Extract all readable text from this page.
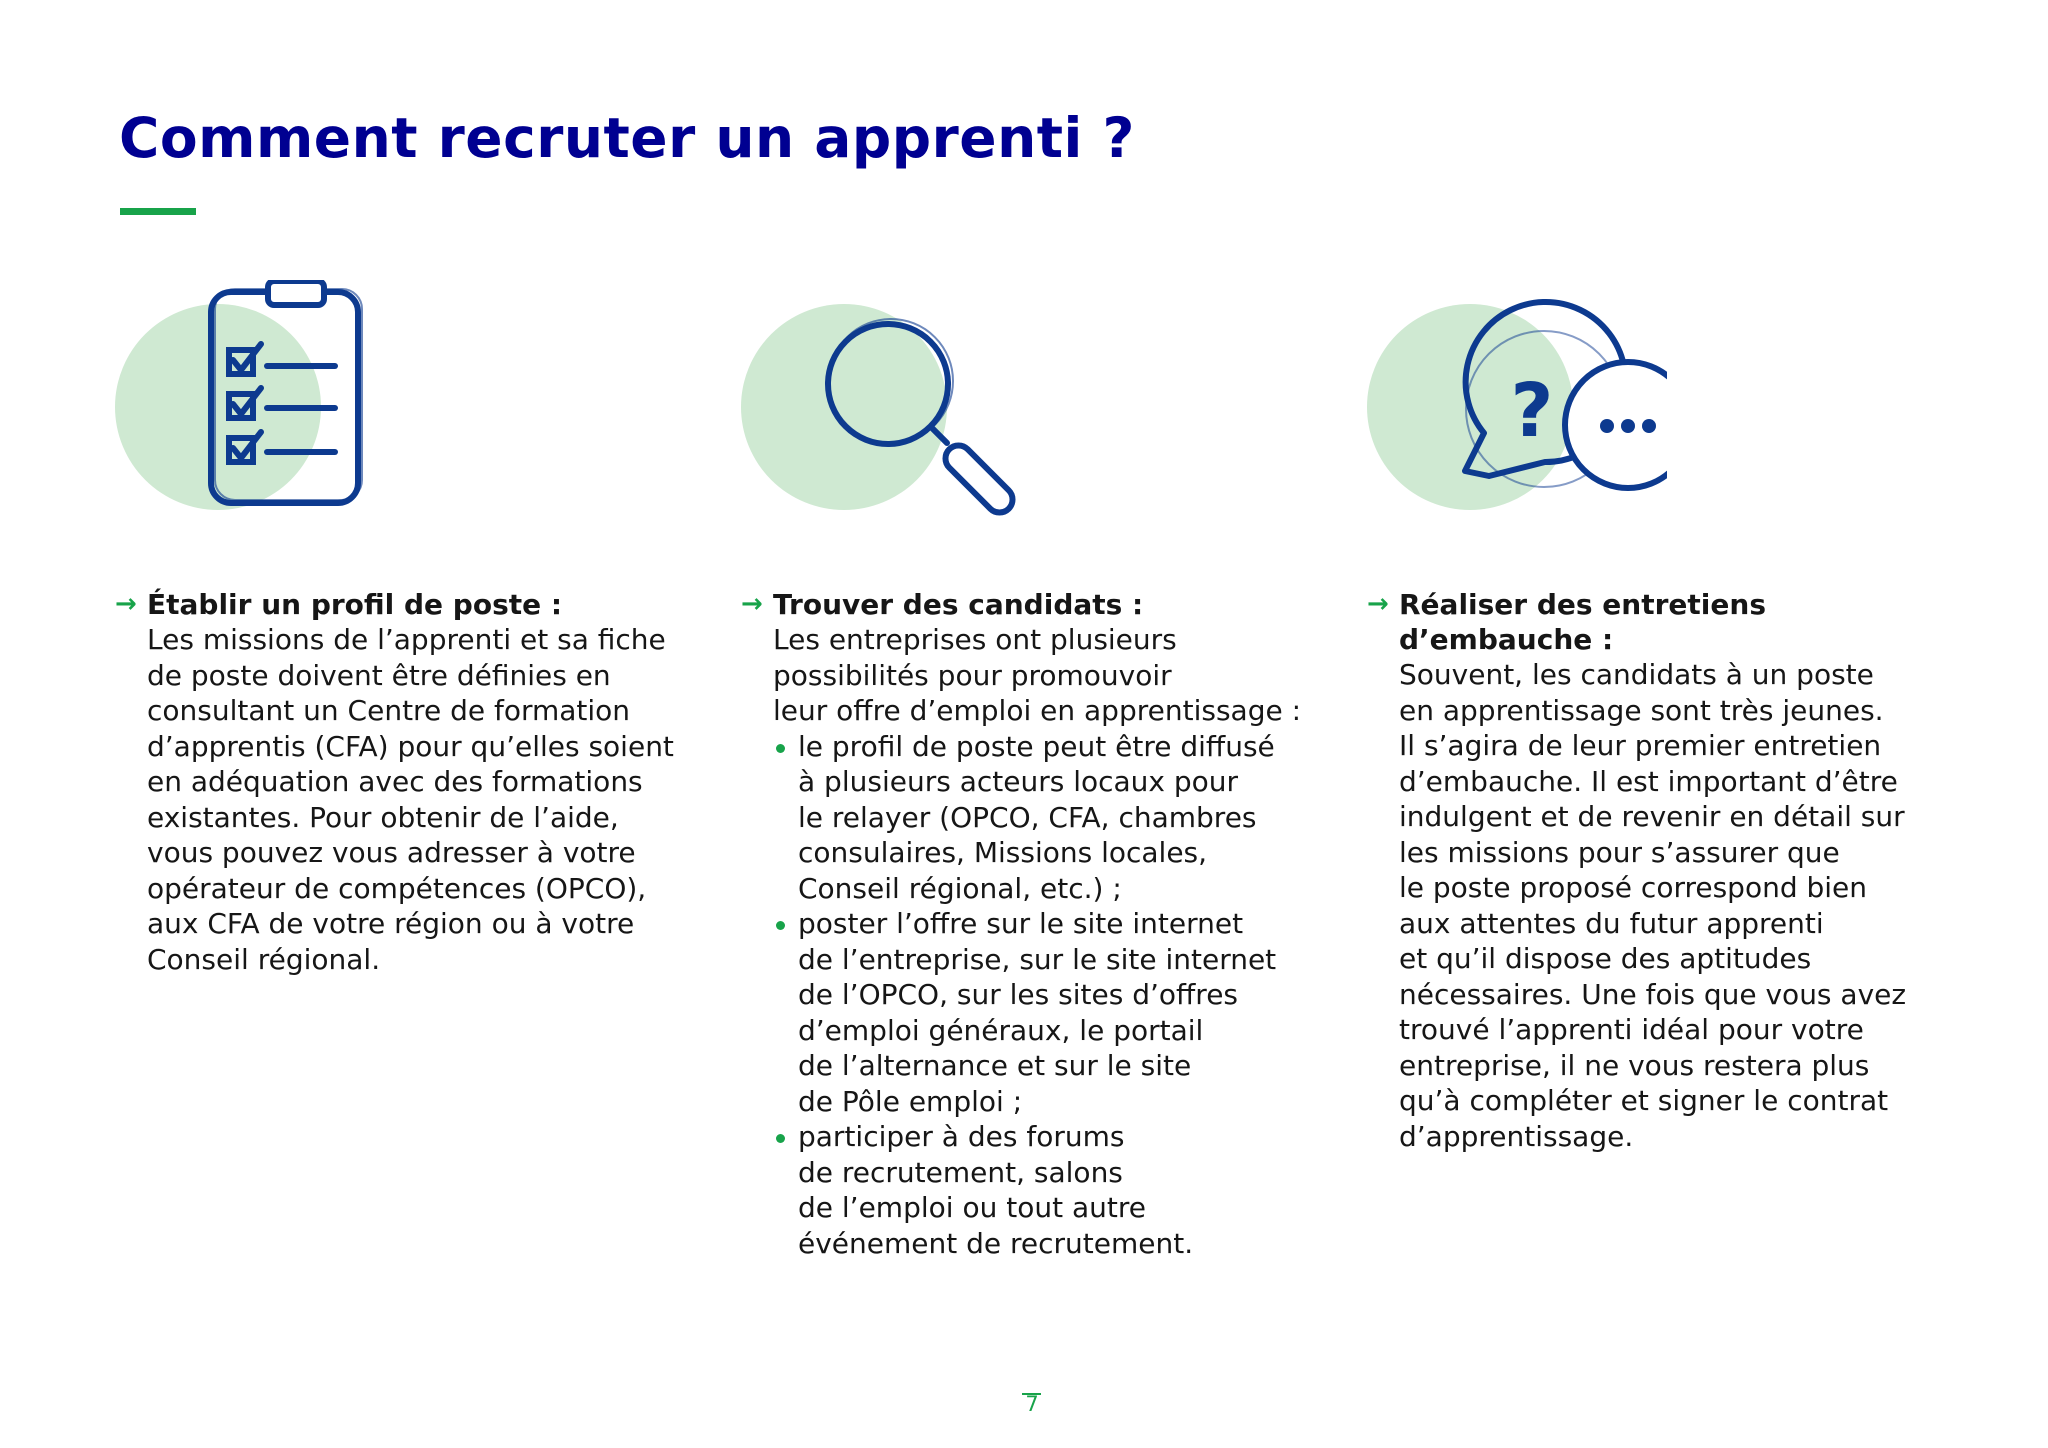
Comment recruter un apprenti ?
→ Établir un profil de poste :

Les missions de l’apprenti et sa fiche
de poste doivent être définies en
consultant un Centre de formation
d’apprentis (CFA) pour qu’elles soient
en adéquation avec des formations
existantes. Pour obtenir de l’aide,
vous pouvez vous adresser à votre
opérateur de compétences (OPCO),
aux CFA de votre région ou à votre
Conseil régional.

→ Trouver des candidats :

Les entreprises ont plusieurs
possibilités pour promouvoir
leur offre d’emploi en apprentissage :

le profil de poste peut être diffusé
à plusieurs acteurs locaux pour
le relayer (OPCO, CFA, chambres
consulaires, Missions locales,
Conseil régional, etc.) ;
poster l’offre sur le site internet
de l’entreprise, sur le site internet
de l’OPCO, sur les sites d’offres
d’emploi généraux, le portail
de l’alternance et sur le site
de Pôle emploi ;
participer à des forums
de recrutement, salons
de l’emploi ou tout autre
événement de recrutement.
?
→ Réaliser des entretiens d’embauche :

Souvent, les candidats à un poste
en apprentissage sont très jeunes.
Il s’agira de leur premier entretien
d’embauche. Il est important d’être
indulgent et de revenir en détail sur
les missions pour s’assurer que
le poste proposé correspond bien
aux attentes du futur apprenti
et qu’il dispose des aptitudes
nécessaires. Une fois que vous avez
trouvé l’apprenti idéal pour votre
entreprise, il ne vous restera plus
qu’à compléter et signer le contrat
d’apprentissage.

7
